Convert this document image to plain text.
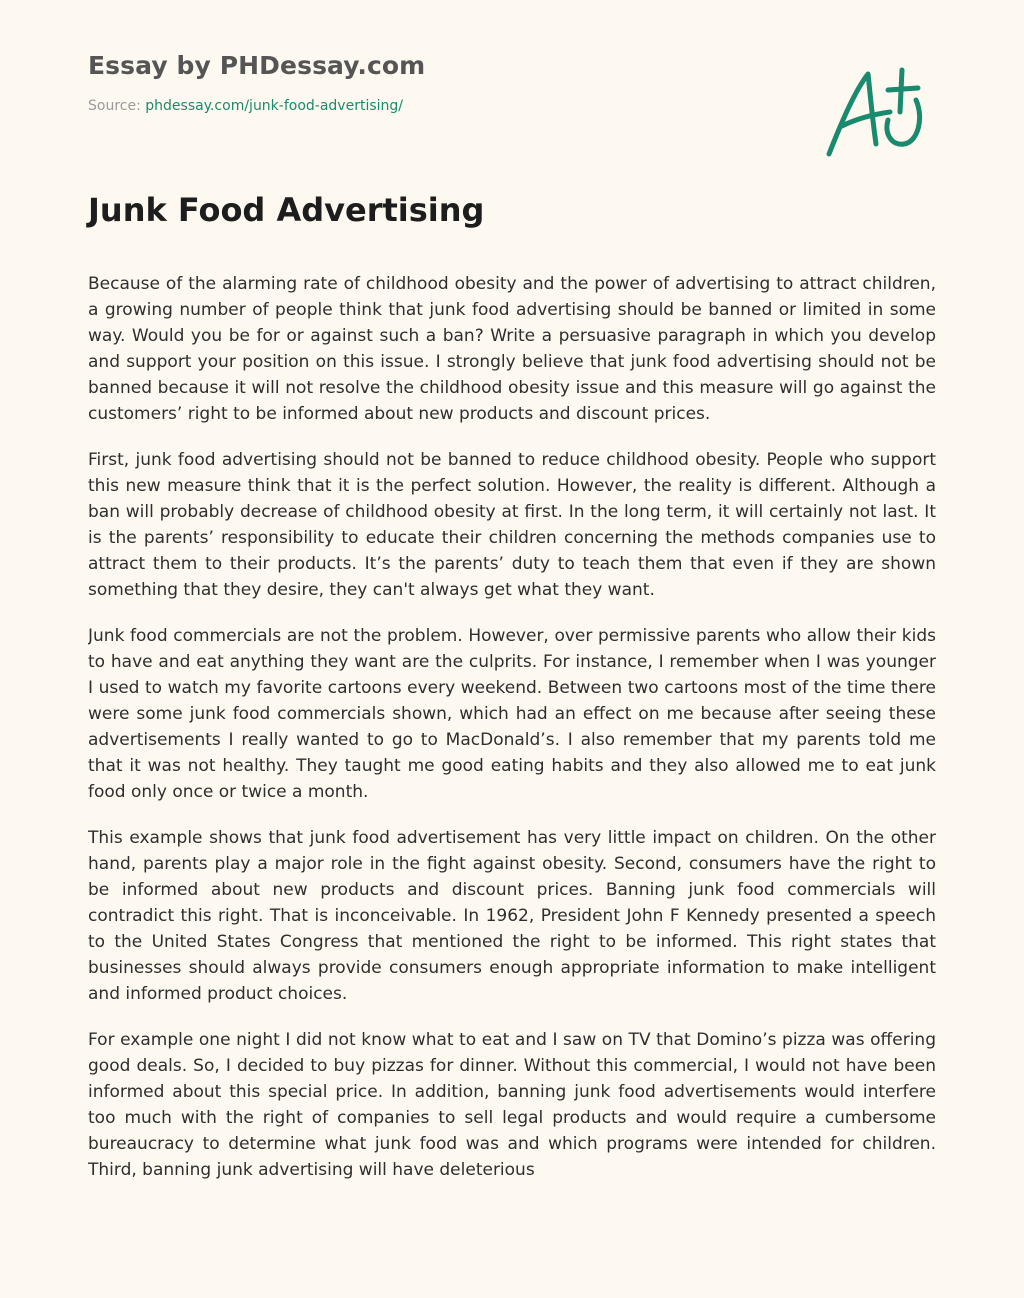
Essay by PHDessay.com
Source: phdessay.com/junk-food-advertising/
Junk Food Advertising

Because of the alarming rate of childhood obesity and the power of advertising to attract children, a growing number of people think that junk food advertising should be banned or limited in some way. Would you be for or against such a ban? Write a persuasive paragraph in which you develop and support your position on this issue. I strongly believe that junk food advertising should not be banned because it will not resolve the childhood obesity issue and this measure will go against the customers’ right to be informed about new products and discount prices.

First, junk food advertising should not be banned to reduce childhood obesity. People who support this new measure think that it is the perfect solution. However, the reality is different. Although a ban will probably decrease of childhood obesity at first. In the long term, it will certainly not last. It is the parents’ responsibility to educate their children concerning the methods companies use to attract them to their products. It’s the parents’ duty to teach them that even if they are shown something that they desire, they can't always get what they want.

Junk food commercials are not the problem. However, over permissive parents who allow their kids to have and eat anything they want are the culprits. For instance, I remember when I was younger I used to watch my favorite cartoons every weekend. Between two cartoons most of the time there were some junk food commercials shown, which had an effect on me because after seeing these advertisements I really wanted to go to MacDonald’s. I also remember that my parents told me that it was not healthy. They taught me good eating habits and they also allowed me to eat junk food only once or twice a month.

This example shows that junk food advertisement has very little impact on children. On the other hand, parents play a major role in the fight against obesity. Second, consumers have the right to be informed about new products and discount prices. Banning junk food commercials will contradict this right. That is inconceivable. In 1962, President John F Kennedy presented a speech to the United States Congress that mentioned the right to be informed. This right states that businesses should always provide consumers enough appropriate information to make intelligent and informed product choices.

For example one night I did not know what to eat and I saw on TV that Domino’s pizza was offering good deals. So, I decided to buy pizzas for dinner. Without this commercial, I would not have been informed about this special price. In addition, banning junk food advertisements would interfere too much with the right of companies to sell legal products and would require a cumbersome bureaucracy to determine what junk food was and which programs were intended for children. Third, banning junk advertising will have deleterious
